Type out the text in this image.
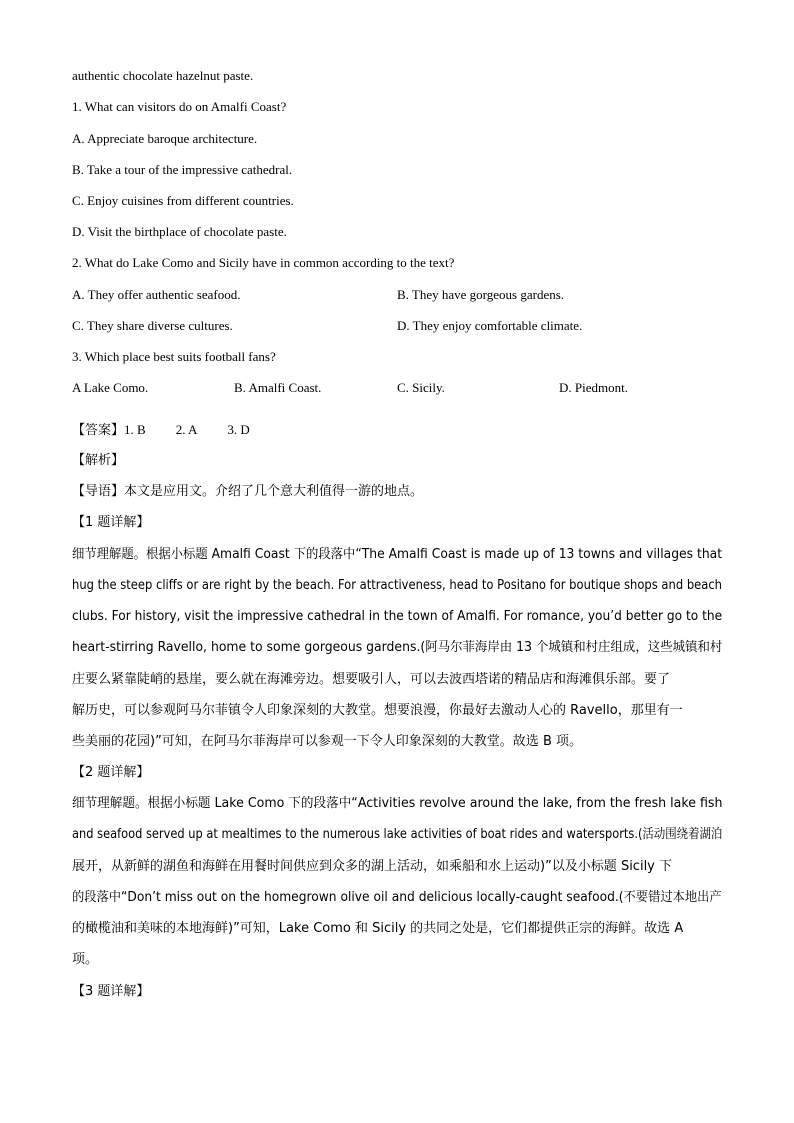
authentic chocolate hazelnut paste.
1. What can visitors do on Amalfi Coast?
A. Appreciate baroque architecture.
B. Take a tour of the impressive cathedral.
C. Enjoy cuisines from different countries.
D. Visit the birthplace of chocolate paste.
2. What do Lake Como and Sicily have in common according to the text?
A. They offer authentic seafood.	B. They have gorgeous gardens.
C. They share diverse cultures.	D. They enjoy comfortable climate.
3. Which place best suits football fans?
A Lake Como.	B. Amalfi Coast.	C. Sicily.	D. Piedmont.
【答案】1. B 2. A 3. D
【解析】
【导语】本文是应用文。介绍了几个意大利值得一游的地点。
【1 题详解】
细节理解题。根据小标题 Amalfi Coast 下的段落中“The Amalfi Coast is made up of 13 towns and villages that
hug the steep cliffs or are right by the beach. For attractiveness, head to Positano for boutique shops and beach
clubs. For history, visit the impressive cathedral in the town of Amalfi. For romance, you’d better go to the
heart-stirring Ravello, home to some gorgeous gardens.(阿马尔菲海岸由 13 个城镇和村庄组成，这些城镇和村
庄要么紧靠陡峭的悬崖，要么就在海滩旁边。想要吸引人，可以去波西塔诺的精品店和海滩俱乐部。要了
解历史，可以参观阿马尔菲镇令人印象深刻的大教堂。想要浪漫，你最好去激动人心的 Ravello，那里有一
些美丽的花园)”可知，在阿马尔菲海岸可以参观一下令人印象深刻的大教堂。故选 B 项。
【2 题详解】
细节理解题。根据小标题 Lake Como 下的段落中“Activities revolve around the lake, from the fresh lake fish
and seafood served up at mealtimes to the numerous lake activities of boat rides and watersports.(活动围绕着湖泊
展开，从新鲜的湖鱼和海鲜在用餐时间供应到众多的湖上活动，如乘船和水上运动)”以及小标题 Sicily 下
的段落中“Don’t miss out on the homegrown olive oil and delicious locally-caught seafood.(不要错过本地出产
的橄榄油和美味的本地海鲜)”可知，Lake Como 和 Sicily 的共同之处是，它们都提供正宗的海鲜。故选 A
项。
【3 题详解】
